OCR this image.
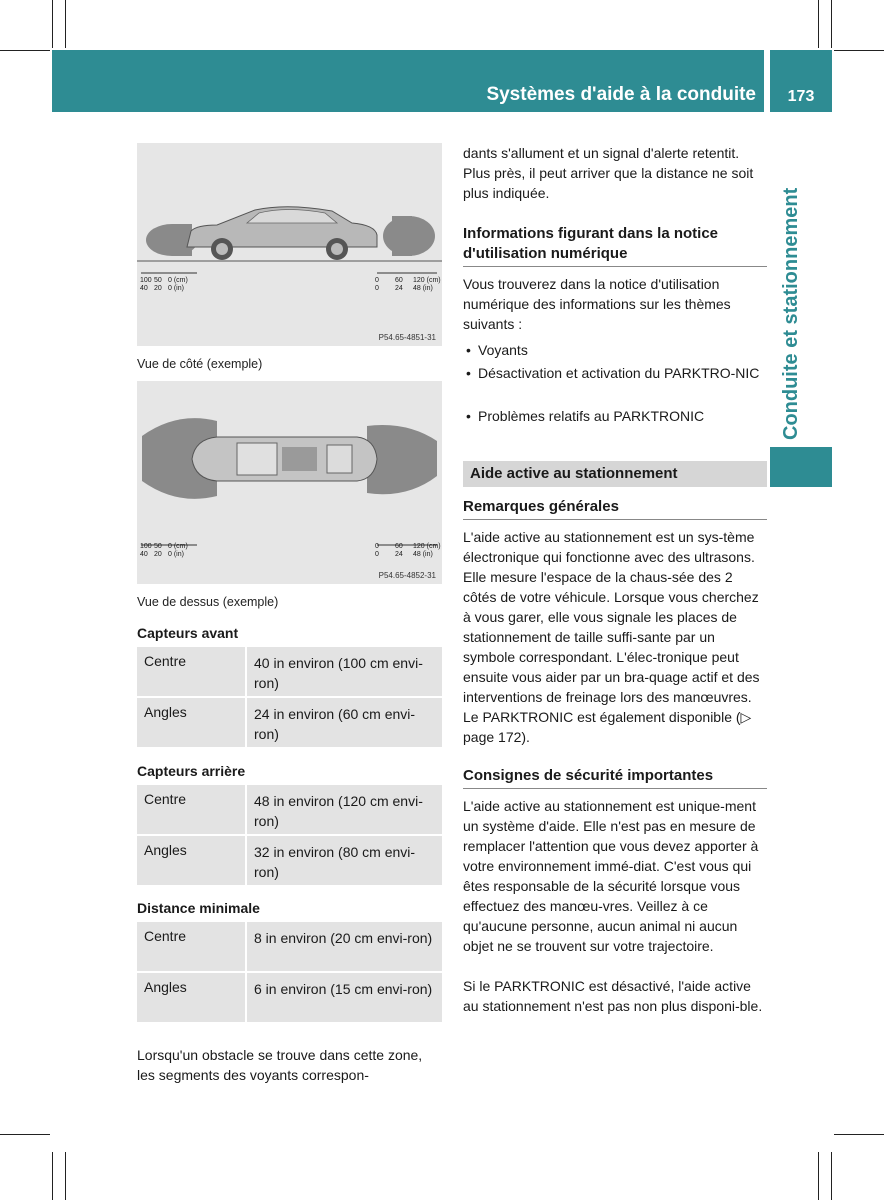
Systèmes d'aide à la conduite	173
Conduite et stationnement
100 50 0 (cm)
40 20 0 (in)
0 60 120 (cm)
0 24 48 (in)
P54.65-4851-31
Vue de côté (exemple)
100 50 0 (cm)
40 20 0 (in)
0 60 120 (cm)
0 24 48 (in)
P54.65-4852-31
Vue de dessus (exemple)
Capteurs avant
Centre	40 in environ (100 cm envi-ron)
Angles	24 in environ (60 cm envi-ron)
Capteurs arrière
Centre	48 in environ (120 cm envi-ron)
Angles	32 in environ (80 cm envi-ron)
Distance minimale
Centre	8 in environ (20 cm envi-ron)
Angles	6 in environ (15 cm envi-ron)
Lorsqu'un obstacle se trouve dans cette zone, les segments des voyants correspon-
dants s'allument et un signal d'alerte retentit. Plus près, il peut arriver que la distance ne soit plus indiquée.
Informations figurant dans la notice d'utilisation numérique
Vous trouverez dans la notice d'utilisation numérique des informations sur les thèmes suivants :
• Voyants
• Désactivation et activation du PARKTRO-NIC
• Problèmes relatifs au PARKTRONIC
Aide active au stationnement
Remarques générales
L'aide active au stationnement est un sys-tème électronique qui fonctionne avec des ultrasons. Elle mesure l'espace de la chaus-sée des 2 côtés de votre véhicule. Lorsque vous cherchez à vous garer, elle vous signale les places de stationnement de taille suffi-sante par un symbole correspondant. L'élec-tronique peut ensuite vous aider par un bra-quage actif et des interventions de freinage lors des manœuvres. Le PARKTRONIC est également disponible (▷ page 172).
Consignes de sécurité importantes
L'aide active au stationnement est unique-ment un système d'aide. Elle n'est pas en mesure de remplacer l'attention que vous devez apporter à votre environnement immé-diat. C'est vous qui êtes responsable de la sécurité lorsque vous effectuez des manœu-vres. Veillez à ce qu'aucune personne, aucun animal ni aucun objet ne se trouvent sur votre trajectoire.
Si le PARKTRONIC est désactivé, l'aide active au stationnement n'est pas non plus disponi-ble.
